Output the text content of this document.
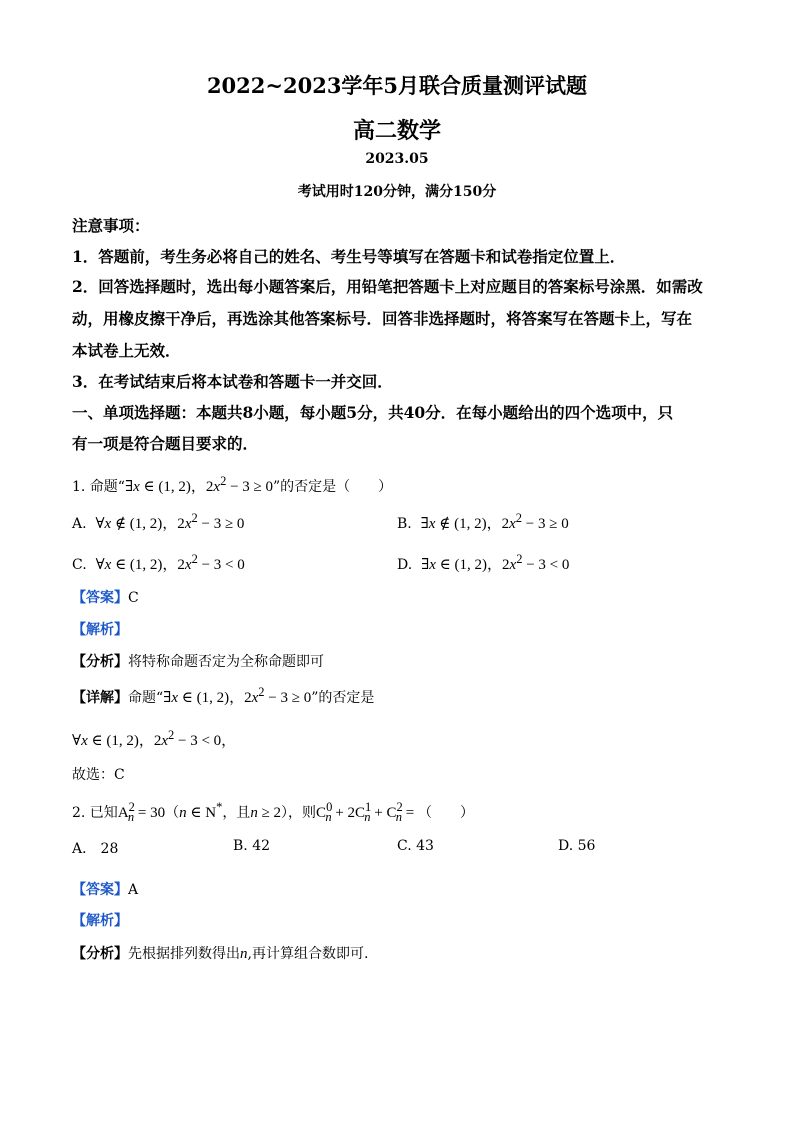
2022~2023学年5月联合质量测评试题
高二数学
2023.05
考试用时120分钟，满分150分
注意事项：
1．答题前，考生务必将自己的姓名、考生号等填写在答题卡和试卷指定位置上．
2．回答选择题时，选出每小题答案后，用铅笔把答题卡上对应题目的答案标号涂黑．如需改
动，用橡皮擦干净后，再选涂其他答案标号．回答非选择题时，将答案写在答题卡上，写在
本试卷上无效．
3．在考试结束后将本试卷和答题卡一并交回．
一、单项选择题：本题共8小题，每小题5分，共40分．在每小题给出的四个选项中，只
有一项是符合题目要求的．
1. 命题“∃x ∈ (1, 2)，$2x^2 - 3 \ge 0$”的否定是（　　）
A. ∀x ∉ (1, 2)，$2x^2 - 3 \ge 0$	B. ∃x ∉ (1, 2)，$2x^2 - 3 \ge 0$
C. ∀x ∈ (1, 2)，$2x^2 - 3 < 0$	D. ∃x ∈ (1, 2)，$2x^2 - 3 < 0$
【答案】C
【解析】
【分析】将特称命题否定为全称命题即可
【详解】命题“∃x ∈ (1, 2)，$2x^2 - 3 \ge 0$”的否定是
∀x ∈ (1, 2)，$2x^2 - 3 < 0$，
故选：C
2. 已知$A^2_n = 30(n$ ∈ N*，且n ≥ 2），则$C^0_n + 2C^1_n + C^2_n$ = （　　）
A． 28	B. 42	C. 43	D. 56
【答案】A
【解析】
【分析】先根据排列数得出n,再计算组合数即可.
